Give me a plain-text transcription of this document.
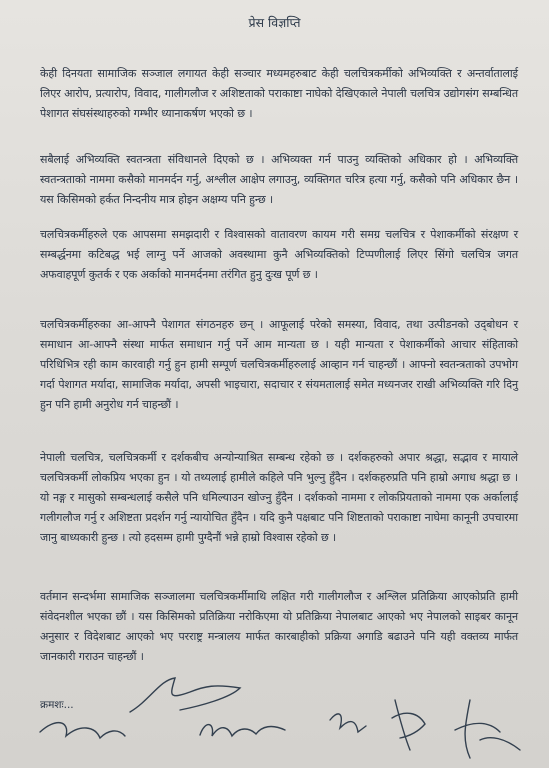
प्रेस विज्ञप्ति
केही दिनयता सामाजिक सञ्जाल लगायत केही सञ्चार मध्यमहरुबाट केही चलचित्रकर्मीको अभिव्यक्ति र अन्तर्वातालाई लिएर आरोप, प्रत्यारोप, विवाद, गालीगलौज र अशिष्टताको पराकाष्टा नाघेको देखिएकाले नेपाली चलचित्र उद्योगसंग सम्बन्धित पेशागत संघसंस्थाहरुको गम्भीर ध्यानाकर्षण भएको छ ।
सबैलाई अभिव्यक्ति स्वतन्त्रता संविधानले दिएको छ । अभिव्यक्त गर्न पाउनु व्यक्तिको अधिकार हो । अभिव्यक्ति स्वतन्त्रताको नाममा कसैको मानमर्दन गर्नु, अश्लील आक्षेप लगाउनु, व्यक्तिगत चरित्र हत्या गर्नु, कसैको पनि अधिकार छैन । यस किसिमको हर्कत निन्दनीय मात्र होइन अक्षम्य पनि हुन्छ ।
चलचित्रकर्मीहरुले एक आपसमा समझदारी र विश्वासको वातावरण कायम गरी समग्र चलचित्र र पेशाकर्मीको संरक्षण र सम्बर्द्धनमा कटिबद्ध भई लाग्नु पर्ने आजको अवस्थामा कुनै अभिव्यक्तिको टिप्पणीलाई लिएर सिंगो चलचित्र जगत अफवाहपूर्ण कुतर्क र एक अर्काको मानमर्दनमा तरंगित हुनु दुःख पूर्ण छ ।
चलचित्रकर्मीहरुका आ-आफ्नै पेशागत संगठनहरु छन् । आफूलाई परेको समस्या, विवाद, तथा उत्पीडनको उद्‌बोधन र समाधान आ-आफ्नै संस्था मार्फत समाधान गर्नु पर्ने आम मान्यता छ । यही मान्यता र पेशाकर्मीको आचार संहिताको परिधिभित्र रही काम कारवाही गर्नु हुन हामी सम्पूर्ण चलचित्रकर्मीहरुलाई आव्हान गर्न चाहन्छौं । आफ्नो स्वतन्त्रताको उपभोग गर्दा पेशागत मर्यादा, सामाजिक मर्यादा, अपसी भाइचारा, सदाचार र संयमतालाई समेत मध्यनजर राखी अभिव्यक्ति गरि दिनु हुन पनि हामी अनुरोध गर्न चाहन्छौं ।
नेपाली चलचित्र, चलचित्रकर्मी र दर्शकबीच अन्योन्याश्रित सम्बन्ध रहेको छ । दर्शकहरुको अपार श्रद्धा, सद्भाव र मायाले चलचित्रकर्मी लोकप्रिय भएका हुन । यो तथ्यलाई हामीले कहिले पनि भुल्नु हुँदैन । दर्शकहरुप्रति पनि हाम्रो अगाध श्रद्धा छ । यो नङ्ग र मासुको सम्बन्धलाई कसैले पनि धमिल्याउन खोज्नु हुँदैन । दर्शकको नाममा र लोकप्रियताको नाममा एक अर्कालाई गलीगलौज गर्नु र अशिष्टता प्रदर्शन गर्नु न्यायोचित हुँदैन । यदि कुनै पक्षबाट पनि शिष्टताको पराकाष्टा नाघेमा कानूनी उपचारमा जानु बाध्यकारी हुन्छ । त्यो हदसम्म हामी पुग्दैनौं भन्ने हाम्रो विश्वास रहेको छ ।
वर्तमान सन्दर्भमा सामाजिक सञ्जालमा चलचित्रकर्मीमाथि लक्षित गरी गालीगलौज र अश्लिल प्रतिक्रिया आएकोप्रति हामी संवेदनशील भएका छौं । यस किसिमको प्रतिक्रिया नरोकिएमा यो प्रतिक्रिया नेपालबाट आएको भए नेपालको साइबर कानून अनुसार र विदेशबाट आएको भए परराष्ट्र मन्त्रालय मार्फत कारबाहीको प्रक्रिया अगाडि बढाउने पनि यही वक्तव्य मार्फत जानकारी गराउन चाहन्छौं ।
क्रमशः...
